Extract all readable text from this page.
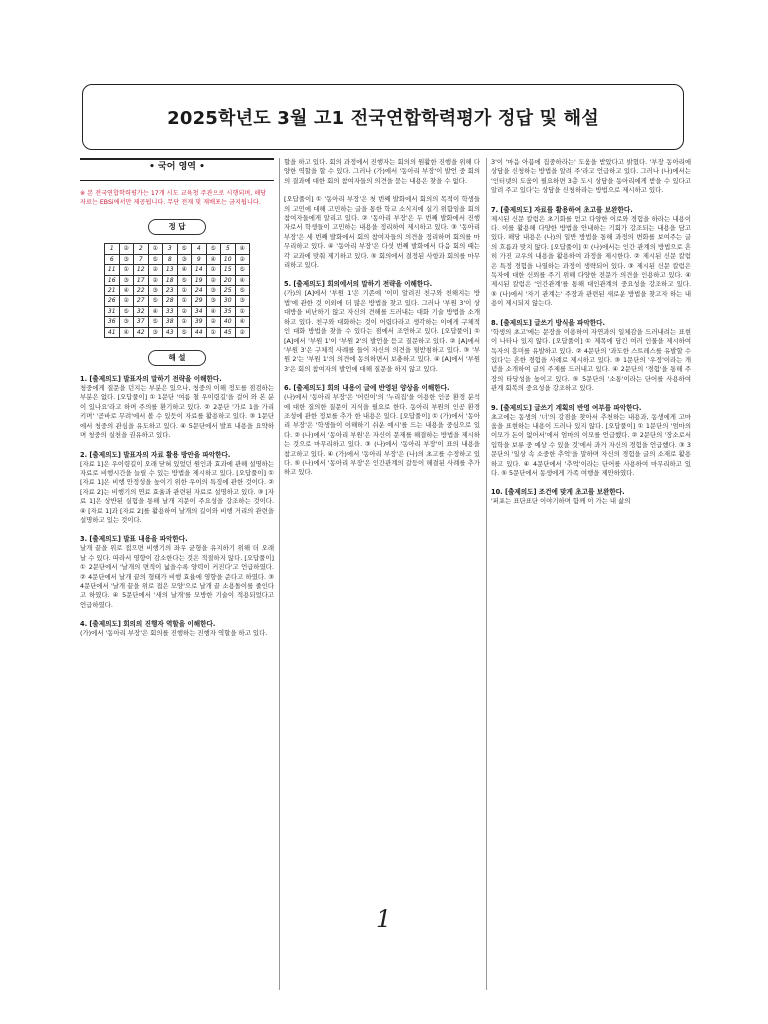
2025학년도 3월 고1 전국연합학력평가 정답 및 해설
• 국어 영역 •

※ 본 전국연합학력평가는 17개 시도 교육청 주관으로 시행되며, 해당 자료는 EBSi에서만 제공됩니다. 무단 전재 및 재배포는 금지됩니다.

정 답
1	②	2	①	3	⑤	4	⑤	5	④
6	③	7	⑤	8	③	9	④	10	②
11	①	12	②	13	④	14	①	15	⑤
16	③	17	②	18	⑤	19	②	20	④
21	④	22	③	23	①	24	③	25	⑤
26	②	27	⑤	28	①	29	③	30	③
31	⑤	32	④	33	②	34	④	35	①
36	③	37	⑤	38	①	39	②	40	④
41	④	42	③	43	⑤	44	①	45	②
해 설
1. [출제의도] 발표자의 말하기 전략을 이해한다.

청중에게 질문을 던지는 부분은 있으나, 청중의 이해 정도를 점검하는 부분은 없다. [오답풀이] ① 1문단 '여름 철 우이령길'을 걸어 와 본 분이 있나요'라고 하며 주의를 환기하고 있다. ② 2문단 '가로 1을 가리키며' '곧바로 무려'에서 볼 수 있듯이 자료를 활용하고 있다. ③ 1문단에서 청중의 관심을 유도하고 있다. ④ 5문단에서 발표 내용을 요약하며 청중의 실천을 권유하고 있다.

2. [출제의도] 발표자의 자료 활용 방안을 파악한다.

[자료 1]은 우이령길이 오래 닫혀 있었던 원인과 효과에 관해 설명하는 자료로 비행시간을 늘릴 수 있는 방법을 제시하고 있다. [오답풀이] ① [자료 1]은 비행 안정성을 높이기 위한 우이의 특징에 관한 것이다. ② [자료 2]는 비행기의 연료 효율과 관련된 자료로 설명하고 있다. ③ [자료 1]은 상반된 실험을 통해 날개 지문이 주요성을 강조하는 것이다. ④ [자료 1]과 [자료 2]를 활용하여 날개의 길이와 비행 거리의 관련을 설명하고 있는 것이다.

3. [출제의도] 발표 내용을 파악한다.

날개 끝을 위로 접으면 비행기의 좌우 균형을 유지하기 위해 더 오래 날 수 있다. 따라서 영향이 감소한다는 것은 적절하지 않다. [오답풀이] ① 2문단에서 '날개의 면적이 넓을수록 양력이 커진다'고 언급하였다. ② 4문단에서 날개 끝의 형태가 비행 효율에 영향을 준다고 하였다. ③ 4문단에서 '날개 끝을 위로 접은 모양'으로 날개 끝 소용돌이를 줄인다고 하였다. ④ 5문단에서 '새의 날개'를 모방한 기술이 적용되었다고 언급하였다.

4. [출제의도] 회의의 진행자 역할을 이해한다.

(가)에서 '동아리 부장'은 회의를 진행하는 진행자 역할을 하고 있다.

할을 하고 있다. 회의 과정에서 진행자는 회의의 원활한 진행을 위해 다양한 역할을 할 수 있다. 그러나 (가)에서 '동아리 부장'이 발언 중 회의의 결과에 대한 회의 참여자들의 의견을 묻는 내용은 찾을 수 없다.

[오답풀이] ① '동아리 부장'은 첫 번째 발화에서 회의의 목적이 학생들의 고민에 대해 고민하는 글을 통한 학교 소식지에 실기 위함임을 회의 참여자들에게 알리고 있다. ② '동아리 부장'은 두 번째 발화에서 진행자로서 학생들이 고민하는 내용을 정리하여 제시하고 있다. ③ '동아리 부장'은 세 번째 발화에서 회의 참여자들의 의견을 정리하며 회의를 마무리하고 있다. ④ '동아리 부장'은 다섯 번째 발화에서 다음 회의 때는 각 교과에 맞춰 제기하고 있다. ⑤ 회의에서 결정된 사항과 회의를 마무리하고 있다.

5. [출제의도] 회의에서의 말하기 전략을 이해한다.

(가)의 [A]에서 '부원 1'은 기존에 '이미 알려진 친구와 친해지는 방법'에 관한 것 이외에 더 많은 방법을 찾고 있다. 그러나 '부원 3'이 상대방을 비난하기 않고 자신의 견해를 드러내는 대화 기술 방법을 소개하고 있다. 친구와 대화하는 것이 어렵다라고 생각하는 이에게 구체적인 대화 방법을 찾을 수 있다는 점에서 조언하고 있다. [오답풀이] ① [A]에서 '부원 1'이 '부원 2'의 발언을 듣고 질문하고 있다. ② [A]에서 '부원 3'은 구체적 사례를 들어 자신의 의견을 뒷받침하고 있다. ③ '부원 2'는 '부원 1'의 의견에 동의하면서 보충하고 있다. ④ [A]에서 '부원 3'은 회의 참여자의 발언에 대해 질문을 하지 않고 있다.

6. [출제의도] 회의 내용이 글에 반영된 양상을 이해한다.

(나)에서 '동아리 부장'은 '어린이'의 '누리집'을 이용한 인공 환경 분석에 대한 질의한 질문이 지식을 필요로 한다. 동아리 부원의 인공 환경 조성에 관한 정보를 추가 한 내용은 있다. [오답풀이] ① (가)에서 '동아리 부장'은 '학생들이 이해하기 쉬운 예시'를 드는 내용을 중심으로 있다. ② (나)에서 '동아리 부원'은 자신이 문제를 해결하는 방법을 제시하는 것으로 마무리하고 있다. ③ (나)에서 '동아리 부장'이 표의 내용을 참고하고 있다. ④ (가)에서 '동아리 부장'은 (나)의 초고를 수정하고 있다. ⑤ (나)에서 '동아리 부장'은 인간관계의 갈등이 해결된 사례를 추가하고 있다.

3'이 '마음 아픔에 집중하라는' 도움을 받았다고 밝혔다. '부장 동아리에 상담을 신청하는 방법을 알려 주'라고 언급하고 있다. 그러나 (나)에서는 '인터넷의 도움이 필요하면 3층 도시 상담을 동아리에게 받을 수 있다고 알려 주고 있다'는 상담을 신청하라는 방법으로 제시하고 있다.

7. [출제의도] 자료를 활용하여 초고를 보완한다.

제시된 신문 칼럼은 초기화를 얻고 다양한 이로와 경험을 하라는 내용이다. 이를 활용해 다양한 방법을 안내하는 기회가 강조되는 내용을 담고 있다. 해당 내용은 (나)의 일반 방법을 통해 과정의 변화를 보여주는 글의 흐름과 맞지 않다. [오답풀이] ① (나)에서는 인간 관계의 방법으로 흔히 가진 교우의 내용을 활용하여 과정을 제시한다. ② 제시된 신문 칼럼은 특정 경험을 나열하는 과정이 생략되어 있다. ③ 제시된 신문 칼럼은 독자에 대한 신뢰를 주기 위해 다양한 전문가 의견을 인용하고 있다. ④ 제시된 칼럼은 '인간관계'를 통해 대인관계의 중요성을 강조하고 있다. ⑤ (나)에서 '자기 관계는' 주장과 관련된 새로운 방법을 찾고자 하는 내용이 제시되지 않는다.

8. [출제의도] 글쓰기 방식을 파악한다.

'학생의 초고'에는 문장을 이용하여 자연과의 일체감을 드러내려는 표현이 나타나 있지 않다. [오답풀이] ① 제목에 담긴 여러 인물을 제시하여 독자의 흥미를 유발하고 있다. ② 4문단의 '과도한 스트레스를 유발할 수 있다'는 흔한 경험을 사례로 제시하고 있다. ③ 1문단의 '우정'이라는 개념을 소개하여 글의 주제를 드러내고 있다. ④ 2문단의 '경험'을 통해 주장의 타당성을 높이고 있다. ⑤ 5문단의 '소통'이라는 단어를 사용하여 관계 회복의 중요성을 강조하고 있다.

9. [출제의도] 글쓰기 계획의 반영 여부를 파악한다.

초고에는 동생의 '너'의 강점을 찾아서 추천하는 내용과, 동생에게 고마움을 표현하는 내용이 드러나 있지 않다. [오답풀이] ① 1문단의 '엄마의 이모가 돈이 없어서'에서 엄마의 이모를 언급했다. ② 2문단의 '장소로서 입학을 보류 중 예상 수 있을 것'에서 과거 자신의 경험을 언급했다. ③ 3문단의 '일상 속 소중한 추억'을 말하며 자신의 경험을 글의 소재로 활용하고 있다. ④ 4문단에서 '추억'이라는 단어를 사용하여 마무리하고 있다. ⑤ 5문단에서 동생에게 가족 여행을 제안하였다.

10. [출제의도] 조건에 맞게 초고를 보완한다.

'퍼포는 표단표단 이야기하며 함께 이 가는 내 삶의

1
